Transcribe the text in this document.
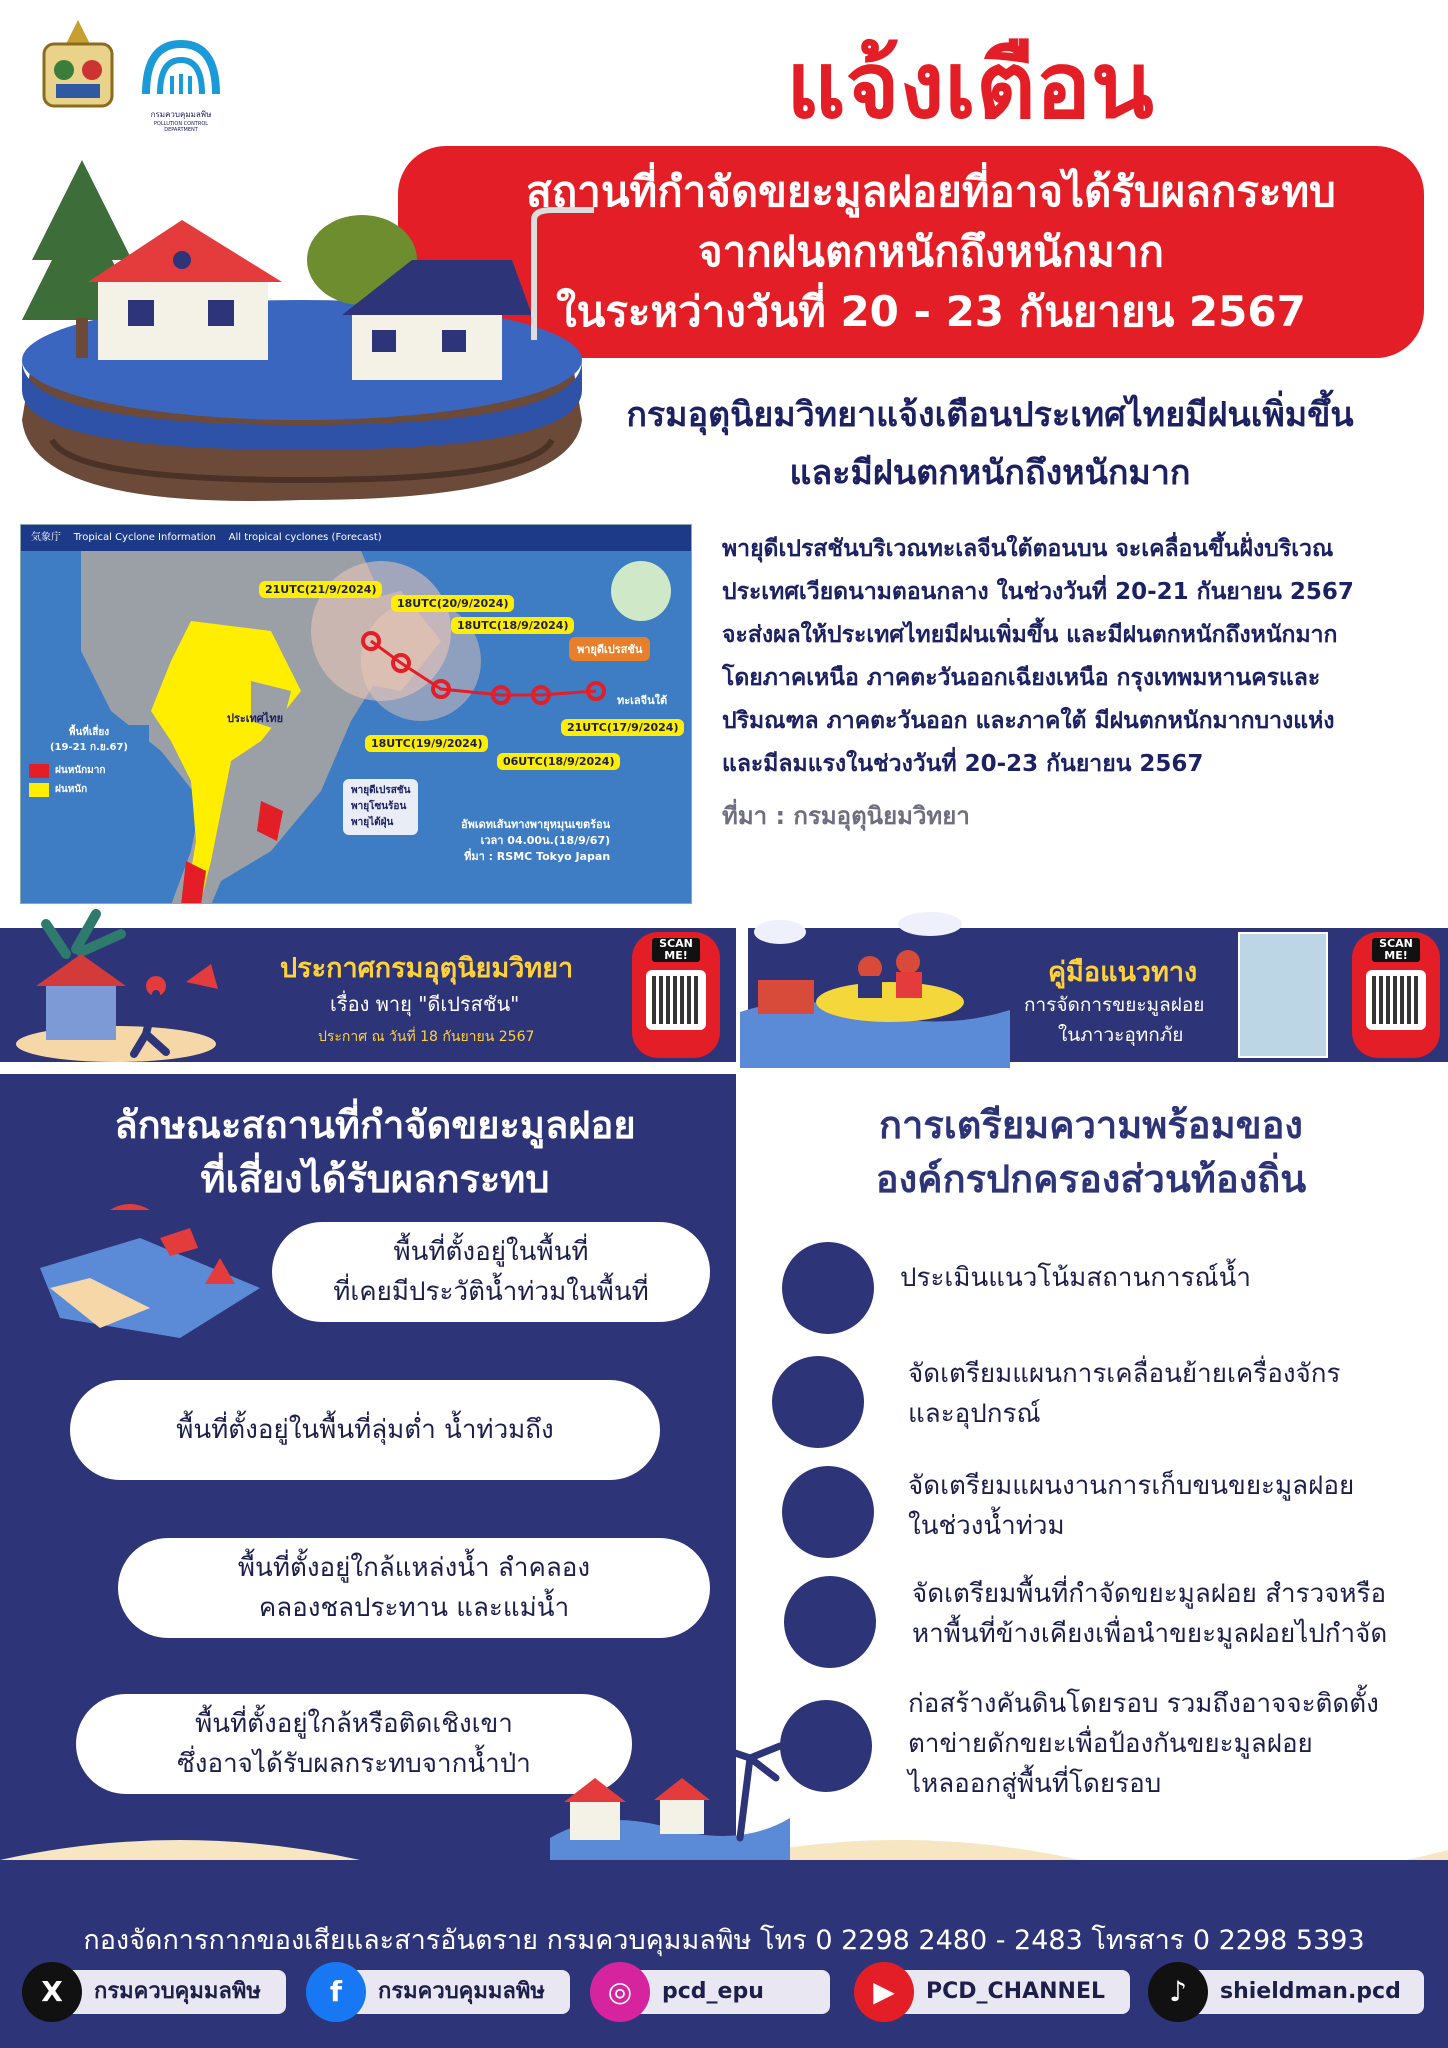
กรมควบคุมมลพิษ
POLLUTION CONTROL DEPARTMENT	แจ้งเตือน
สถานที่กำจัดขยะมูลฝอยที่อาจได้รับผลกระทบ
จากฝนตกหนักถึงหนักมาก
ในระหว่างวันที่ 20 - 23 กันยายน 2567
กรมอุตุนิยมวิทยาแจ้งเตือนประเทศไทยมีฝนเพิ่มขึ้น
และมีฝนตกหนักถึงหนักมาก
気象庁 Tropical Cyclone Information All tropical cyclones (Forecast)
21UTC(21/9/2024)
18UTC(20/9/2024)
18UTC(18/9/2024)
พายุดีเปรสชัน
ทะเลจีนใต้
ประเทศไทย
18UTC(19/9/2024)
06UTC(18/9/2024)
21UTC(17/9/2024)
พื้นที่เสี่ยง
(19-21 ก.ย.67)
ฝนหนักมาก
ฝนหนัก	พายุดีเปรสชัน
พายุโซนร้อน
พายุไต้ฝุ่น	อัพเดทเส้นทางพายุหมุนเขตร้อน
เวลา 04.00น.(18/9/67)
ที่มา : RSMC Tokyo Japan
พายุดีเปรสชันบริเวณทะเลจีนใต้ตอนบน จะเคลื่อนขึ้นฝั่งบริเวณ
ประเทศเวียดนามตอนกลาง ในช่วงวันที่ 20-21 กันยายน 2567
จะส่งผลให้ประเทศไทยมีฝนเพิ่มขึ้น และมีฝนตกหนักถึงหนักมาก
โดยภาคเหนือ ภาคตะวันออกเฉียงเหนือ กรุงเทพมหานครและ
ปริมณฑล ภาคตะวันออก และภาคใต้ มีฝนตกหนักมากบางแห่ง
และมีลมแรงในช่วงวันที่ 20-23 กันยายน 2567
ที่มา : กรมอุตุนิยมวิทยา
ประกาศกรมอุตุนิยมวิทยา
เรื่อง พายุ "ดีเปรสชัน"
ประกาศ ณ วันที่ 18 กันยายน 2567
SCAN ME!
คู่มือแนวทาง
การจัดการขยะมูลฝอย
ในภาวะอุทกภัย
SCAN ME!
ลักษณะสถานที่กำจัดขยะมูลฝอย
ที่เสี่ยงได้รับผลกระทบ
พื้นที่ตั้งอยู่ในพื้นที่
ที่เคยมีประวัติน้ำท่วมในพื้นที่
พื้นที่ตั้งอยู่ในพื้นที่ลุ่มต่ำ น้ำท่วมถึง
พื้นที่ตั้งอยู่ใกล้แหล่งน้ำ ลำคลอง
คลองชลประทาน และแม่น้ำ
พื้นที่ตั้งอยู่ใกล้หรือติดเชิงเขา
ซึ่งอาจได้รับผลกระทบจากน้ำป่า
การเตรียมความพร้อมของ
องค์กรปกครองส่วนท้องถิ่น
ประเมินแนวโน้มสถานการณ์น้ำ
จัดเตรียมแผนการเคลื่อนย้ายเครื่องจักร
และอุปกรณ์
จัดเตรียมแผนงานการเก็บขนขยะมูลฝอย
ในช่วงน้ำท่วม
จัดเตรียมพื้นที่กำจัดขยะมูลฝอย สำรวจหรือ
หาพื้นที่ข้างเคียงเพื่อนำขยะมูลฝอยไปกำจัด
ก่อสร้างคันดินโดยรอบ รวมถึงอาจจะติดตั้ง
ตาข่ายดักขยะเพื่อป้องกันขยะมูลฝอย
ไหลออกสู่พื้นที่โดยรอบ
กองจัดการกากของเสียและสารอันตราย กรมควบคุมมลพิษ โทร 0 2298 2480 - 2483 โทรสาร 0 2298 5393
X	กรมควบคุมมลพิษ	f	กรมควบคุมมลพิษ	◎	pcd_epu	▶	PCD_CHANNEL	♪	shieldman.pcd
